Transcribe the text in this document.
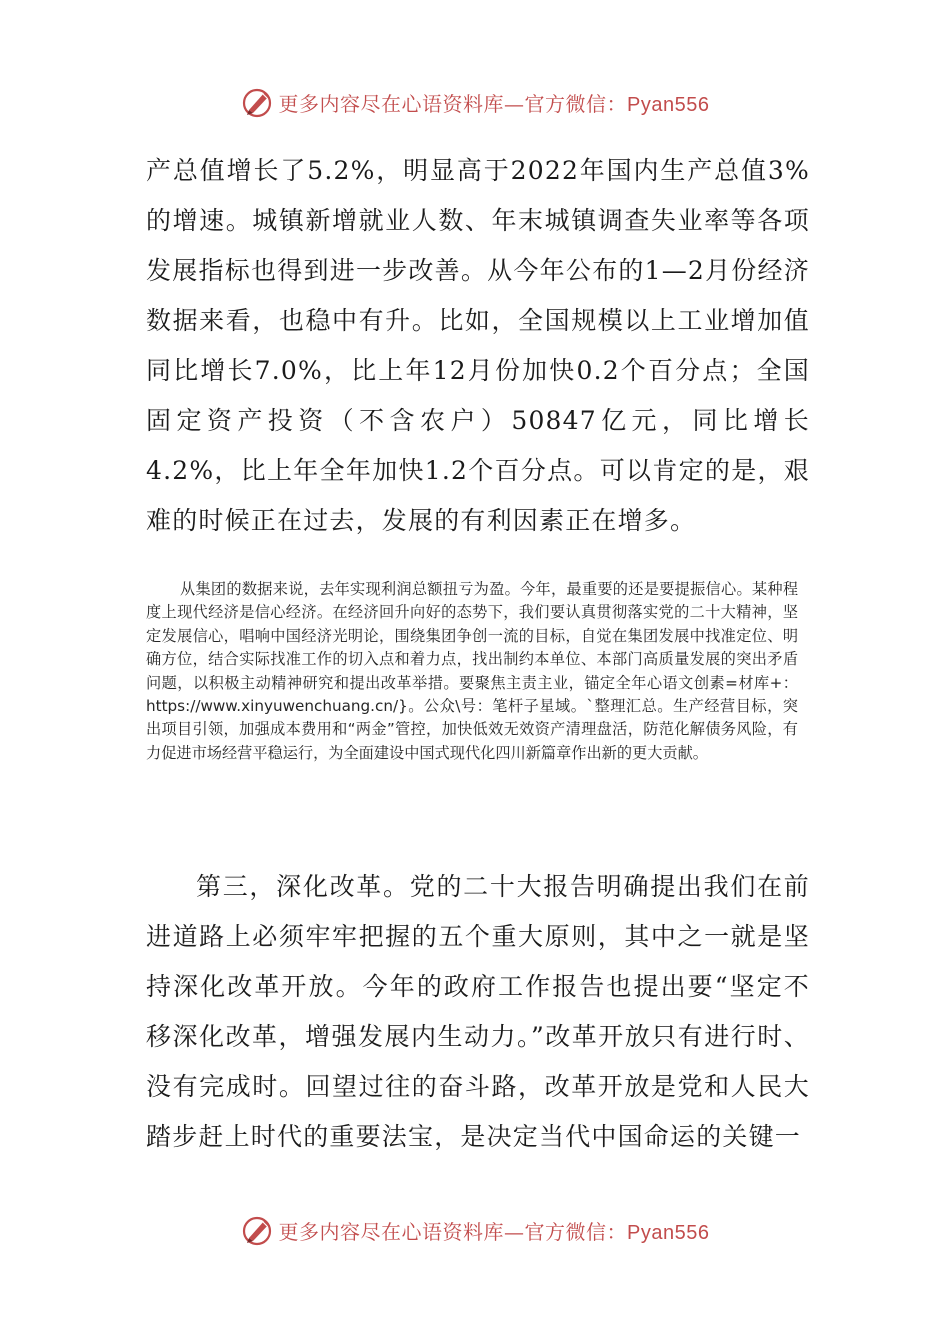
更多内容尽在心语资料库—官方微信：Pyan556

产总值增长了5.2%，明显高于2022年国内生产总值3%的增速。城镇新增就业人数、年末城镇调查失业率等各项发展指标也得到进一步改善。从今年公布的1—2月份经济数据来看，也稳中有升。比如，全国规模以上工业增加值同比增长7.0%，比上年12月份加快0.2个百分点；全国固定资产投资（不含农户）50847亿元，同比增长4.2%，比上年全年加快1.2个百分点。可以肯定的是，艰难的时候正在过去，发展的有利因素正在增多。

从集团的数据来说，去年实现利润总额扭亏为盈。今年，最重要的还是要提振信心。某种程度上现代经济是信心经济。在经济回升向好的态势下，我们要认真贯彻落实党的二十大精神，坚定发展信心，唱响中国经济光明论，围绕集团争创一流的目标，自觉在集团发展中找准定位、明确方位，结合实际找准工作的切入点和着力点，找出制约本单位、本部门高质量发展的突出矛盾问题，以积极主动精神研究和提出改革举措。要聚焦主责主业，锚定全年心语文创素=材库+：https://www.xinyuwenchuang.cn/}。公众\号：笔杆子星域。`整理汇总。生产经营目标，突出项目引领，加强成本费用和“两金”管控，加快低效无效资产清理盘活，防范化解债务风险，有力促进市场经营平稳运行，为全面建设中国式现代化四川新篇章作出新的更大贡献。

第三，深化改革。党的二十大报告明确提出我们在前进道路上必须牢牢把握的五个重大原则，其中之一就是坚持深化改革开放。今年的政府工作报告也提出要“坚定不移深化改革，增强发展内生动力。”改革开放只有进行时、没有完成时。回望过往的奋斗路，改革开放是党和人民大踏步赶上时代的重要法宝，是决定当代中国命运的关键一

更多内容尽在心语资料库—官方微信：Pyan556
